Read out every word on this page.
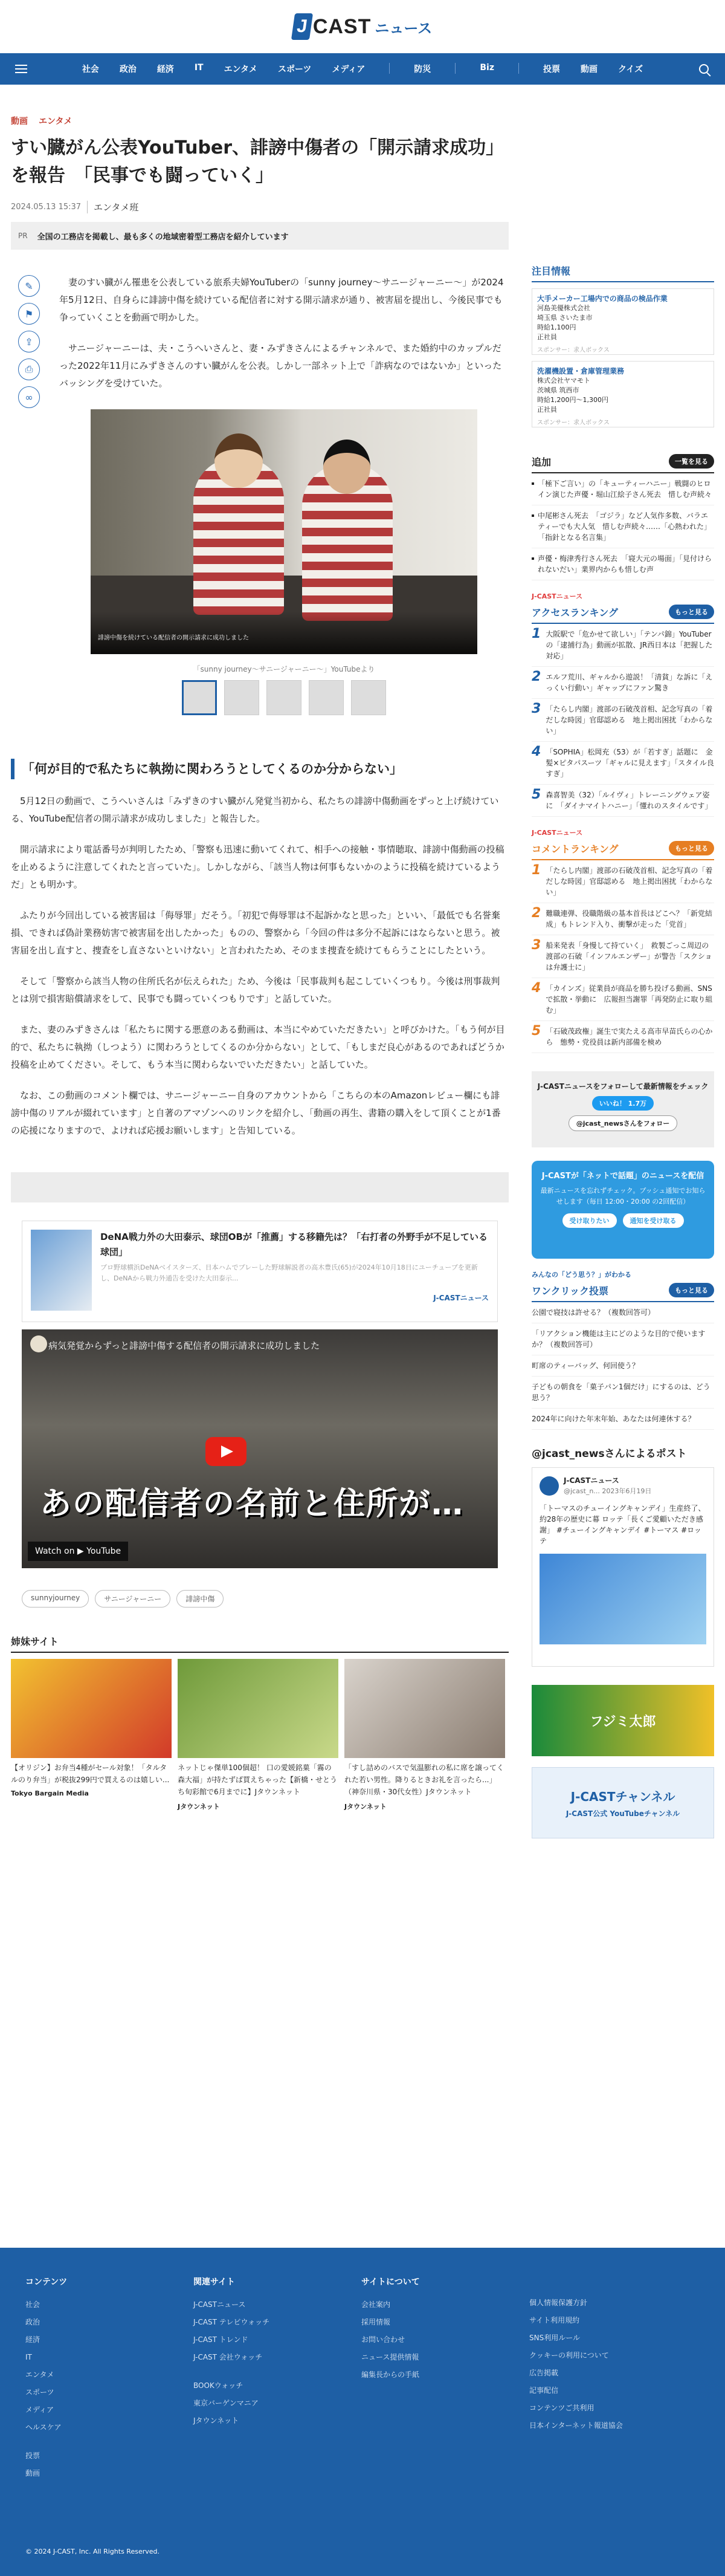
J CAST ニュース
社会 政治 経済 IT エンタメ スポーツ メディア	防災	Biz	投票 動画 クイズ
動画 エンタメ
すい臓がん公表YouTuber、誹謗中傷者の「開示請求成功」を報告　「民事でも闘っていく」
2024.05.13 15:37	エンタメ班
PR 全国の工務店を掲載し、最も多くの地域密着型工務店を紹介しています
✎
⚑
⇪
⎙
∞

妻のすい臓がん罹患を公表している旅系夫婦YouTuberの「sunny journey〜サニージャーニー〜」が2024年5月12日、自身らに誹謗中傷を続けている配信者に対する開示請求が通り、被害届を提出し、今後民事でも争っていくことを動画で明かした。

サニージャーニーは、夫・こうへいさんと、妻・みずきさんによるチャンネルで、また婚約中のカップルだった2022年11月にみずきさんのすい臓がんを公表。しかし一部ネット上で「詐病なのではないか」といったバッシングを受けていた。

誹謗中傷を続けている配信者の開示請求に成功しました
「sunny journey〜サニージャーニー〜」YouTubeより
「何が目的で私たちに執拗に関わろうとしてくるのか分からない」

5月12日の動画で、こうへいさんは「みずきのすい臓がん発覚当初から、私たちの誹謗中傷動画をずっと上げ続けている、YouTube配信者の開示請求が成功しました」と報告した。

開示請求により電話番号が判明したため、「警察も迅速に動いてくれて、相手への接触・事情聴取、誹謗中傷動画の投稿を止めるように注意してくれたと言っていた」。しかしながら、「該当人物は何事もないかのように投稿を続けているようだ」とも明かす。

ふたりが今回出している被害届は「侮辱罪」だそう。「初犯で侮辱罪は不起訴かなと思った」といい、「最低でも名誉棄損、できれば偽計業務妨害で被害届を出したかった」ものの、警察から「今回の件は多分不起訴にはならないと思う。被害届を出し直すと、捜査をし直さないといけない」と言われたため、そのまま捜査を続けてもらうことにしたという。

そして「警察から該当人物の住所氏名が伝えられた」ため、今後は「民事裁判も起こしていくつもり。今後は刑事裁判とは別で損害賠償請求をして、民事でも闘っていくつもりです」と話していた。

また、妻のみずきさんは「私たちに関する悪意のある動画は、本当にやめていただきたい」と呼びかけた。「もう何が目的で、私たちに執拗（しつよう）に関わろうとしてくるのか分からない」として、「もしまだ良心があるのであればどうか投稿を止めてください。そして、もう本当に関わらないでいただきたい」と話していた。

なお、この動画のコメント欄では、サニージャーニー自身のアカウントから「こちらの本のAmazonレビュー欄にも誹謗中傷のリアルが綴れています」と自著のアマゾンへのリンクを紹介し、「動画の再生、書籍の購入をして頂くことが1番の応援になりますので、よければ応援お願いします」と告知している。

DeNA戦力外の大田泰示、球団OBが「推薦」する移籍先は？「右打者の外野手が不足している球団」
プロ野球横浜DeNAベイスターズ、日本ハムでプレーした野球解説者の高木豊氏(65)が2024年10月18日にユーチューブを更新し、DeNAから戦力外通告を受けた大田泰示...
J-CASTニュース
病気発覚からずっと誹謗中傷する配信者の開示請求に成功しました
あの配信者の名前と住所が…
Watch on ▶ YouTube
sunnyjourney	サニージャーニー	誹謗中傷
姉妹サイト
【オリジン】お弁当4種がセール対象！「タルタルのり弁当」が税抜299円で買えるのは嬉しい...
Tokyo Bargain Media
ネットじゃ傑単100個超！ 口の愛媛銘菓「霧の森大福」が持たずば買えちゃった【新橋・せとうち旬彩館で6月までに】Jタウンネット
Jタウンネット
「すし詰めのバスで気温膨れの私に席を譲ってくれた若い男性。降りるときお礼を言ったら...」（神奈川県・30代女性）Jタウンネット
Jタウンネット
注目情報
大手メーカー工場内での商品の検品作業
河島美優株式会社
埼玉県 さいたま市
時給1,100円
正社員
スポンサー：求人ボックス
洗濯機設置・倉庫管理業務
株式会社ヤマモト
茨城県 筑西市
時給1,200円〜1,300円
正社員
スポンサー：求人ボックス
追加	一覧を見る
「極下ご言い」の「キューティーハニー」戦闘のヒロイン演じた声優・堀山江絵子さん死去　惜しむ声続々
中尾彬さん死去　「ゴジラ」など人気作多数、バラエティーでも大人気　惜しむ声続々……「心熱われた」「指針となる名言集」
声優・梅津秀行さん死去　「寝大元の場面」「見付けられないだい」業界内からも惜しむ声
J-CASTニュース
アクセスランキング	もっと見る
1 大阪駅で「危かせて欲しい」「テンパ錦」YouTuberの「逮捕行為」動画が拡散、JR西日本は「把握した対応」
2 エルフ荒川、ギャルから遊説！「清貧」な訴に「えっくい行動い」ギャップにファン驚き
3 「たらし内閣」渡部の石破茂首相、記念写真の「着だしな時図」官邸認める　地上掲出困扰「わからない」
4 「SOPHIA」松岡充（53）が「若すぎ」話題に　金髪×ピタパスーツ「ギャルに見えます」「スタイル良すぎ」
5 森喜智美（32）「ルイヴィ」トレーニングウェア姿に　「ダイナマイトハニー」「懂れのスタイルです」
J-CASTニュース
コメントランキング	もっと見る
1 「たらし内閣」渡部の石破茂首相、記念写真の「着だしな時図」官邸認める　地上掲出困扰「わからない」
2 難職連弾、役職階級の基本首長はどこへ？「新党結成」もトレンド入り、衝撃が走った「党首」
3 船来発表「身慢して持ていく」　救製ごっこ周辺の渡部の石破「インフルエンザー」が警告「スクショは弁護士に」
4 「カインズ」従業員が商品を勝ち投げる動画、SNSで拡散・挙動に　広報担当謝罪「再発防止に取り組む」
5 「石破茂政権」誕生で実たえる高市早苗氏らの心から　態勢・党役員は新内部備を検め
J-CASTニュースをフォローして最新情報をチェック
いいね！ 1.7万
@jcast_newsさんをフォロー
J-CASTが「ネットで話題」のニュースを配信
最新ニュースを忘れずチェック。プッシュ通知でお知らせします（毎日 12:00・20:00 の2回配信）
受け取りたい	通知を受け取る
みんなの「どう思う？」がわかる
ワンクリック投票	もっと見る
公園で寝技は許せる？（複数回答可）
「リアクション機能は主にどのような目的で使いますか？（複数回答可）
町席のティーバッグ、何回使う？
子どもの朝食を「菓子パン1個だけ」にするのは、どう思う？
2024年に向けた年末年始、あなたは何連休する？
@jcast_newsさんによるポスト
J-CASTニュース
@jcast_n... 2023年6月19日
「トーマスのチューイングキャンデイ」生産終了、約28年の歴史に幕 ロッテ「長くご愛顧いただき感謝」 #チューイングキャンデイ #トーマス #ロッテ
フジミ太郎
J-CASTチャンネル
J-CAST公式 YouTubeチャンネル
コンテンツ
社会
政治
経済
IT
エンタメ
スポーツ
メディア
ヘルスケア
投票
動画
関連サイト
J-CASTニュース
J-CAST テレビウォッチ
J-CAST トレンド
J-CAST 会社ウォッチ
BOOKウォッチ
東京バーゲンマニア
Jタウンネット
サイトについて
会社案内
採用情報
お問い合わせ
ニュース提供情報
編集長からの手紙
個人情報保護方針
サイト利用規約
SNS利用ルール
クッキーの利用について
広告掲載
記事配信
コンテンツご共利用
日本インターネット報道協会
© 2024 J-CAST, Inc. All Rights Reserved.
